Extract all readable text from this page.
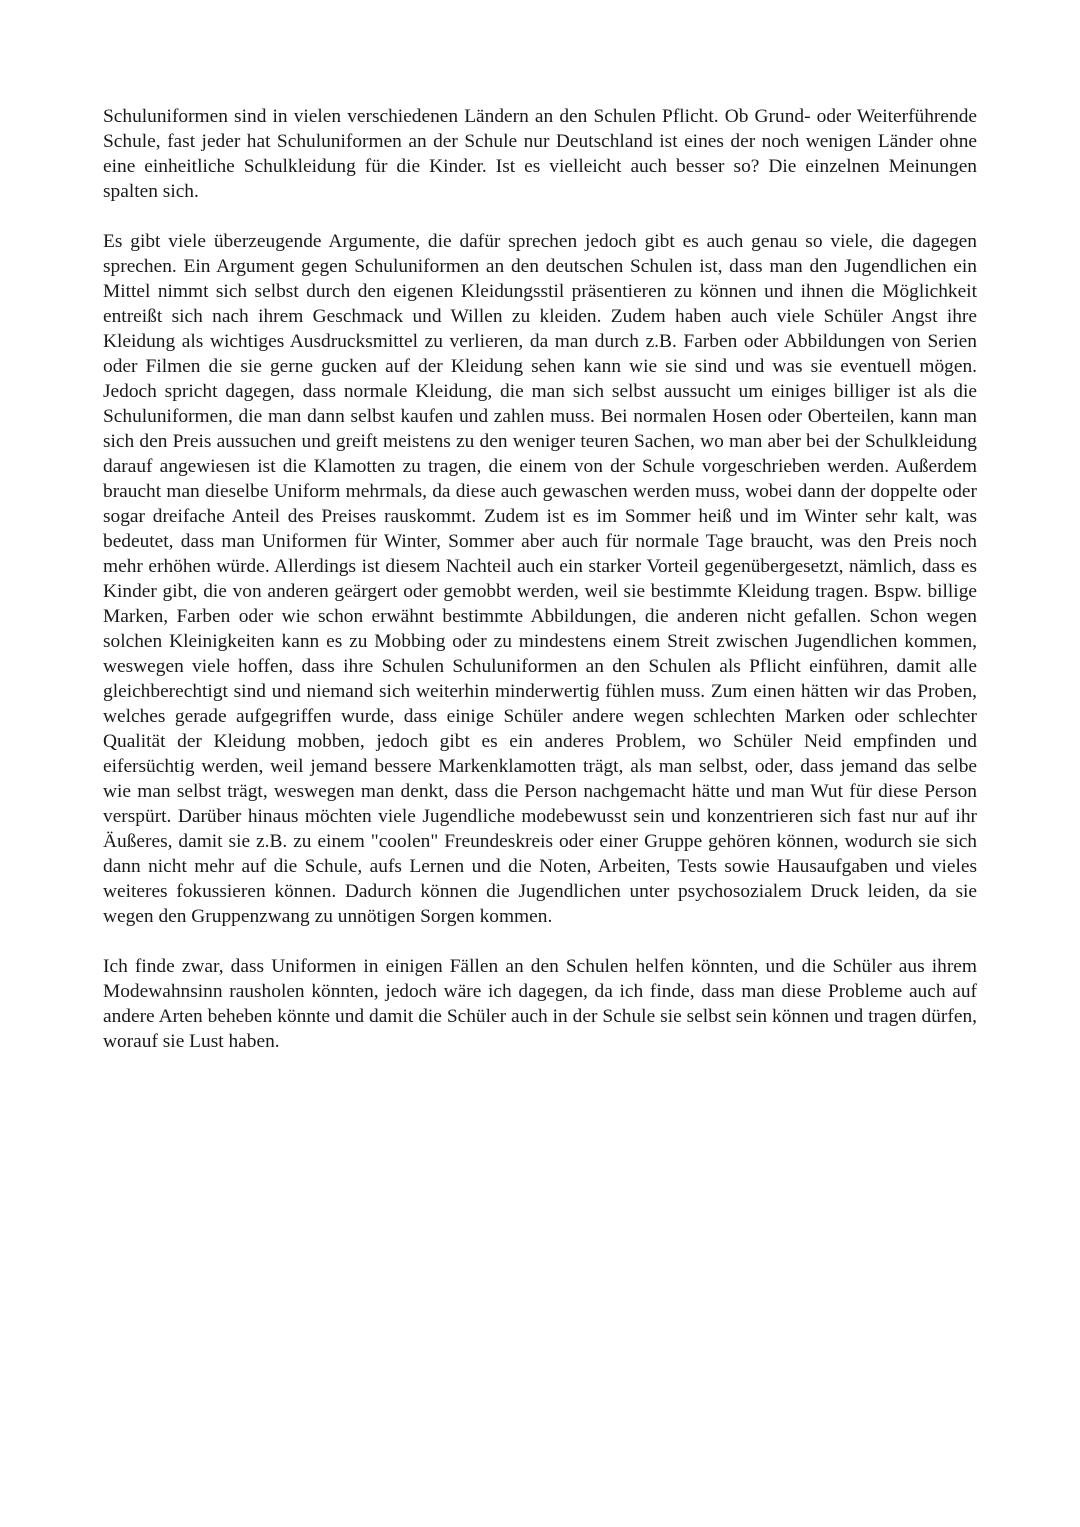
Schuluniformen sind in vielen verschiedenen Ländern an den Schulen Pflicht. Ob Grund- oder Weiterführende Schule, fast jeder hat Schuluniformen an der Schule nur Deutschland ist eines der noch wenigen Länder ohne eine einheitliche Schulkleidung für die Kinder. Ist es vielleicht auch besser so? Die einzelnen Meinungen spalten sich.

Es gibt viele überzeugende Argumente, die dafür sprechen jedoch gibt es auch genau so viele, die dagegen sprechen. Ein Argument gegen Schuluniformen an den deutschen Schulen ist, dass man den Jugendlichen ein Mittel nimmt sich selbst durch den eigenen Kleidungsstil präsentieren zu können und ihnen die Möglichkeit entreißt sich nach ihrem Geschmack und Willen zu kleiden. Zudem haben auch viele Schüler Angst ihre Kleidung als wichtiges Ausdrucksmittel zu verlieren, da man durch z.B. Farben oder Abbildungen von Serien oder Filmen die sie gerne gucken auf der Kleidung sehen kann wie sie sind und was sie eventuell mögen. Jedoch spricht dagegen, dass normale Kleidung, die man sich selbst aussucht um einiges billiger ist als die Schuluniformen, die man dann selbst kaufen und zahlen muss. Bei normalen Hosen oder Oberteilen, kann man sich den Preis aussuchen und greift meistens zu den weniger teuren Sachen, wo man aber bei der Schulkleidung darauf angewiesen ist die Klamotten zu tragen, die einem von der Schule vorgeschrieben werden. Außerdem braucht man dieselbe Uniform mehrmals, da diese auch gewaschen werden muss, wobei dann der doppelte oder sogar dreifache Anteil des Preises rauskommt. Zudem ist es im Sommer heiß und im Winter sehr kalt, was bedeutet, dass man Uniformen für Winter, Sommer aber auch für normale Tage braucht, was den Preis noch mehr erhöhen würde. Allerdings ist diesem Nachteil auch ein starker Vorteil gegenübergesetzt, nämlich, dass es Kinder gibt, die von anderen geärgert oder gemobbt werden, weil sie bestimmte Kleidung tragen. Bspw. billige Marken, Farben oder wie schon erwähnt bestimmte Abbildungen, die anderen nicht gefallen. Schon wegen solchen Kleinigkeiten kann es zu Mobbing oder zu mindestens einem Streit zwischen Jugendlichen kommen, weswegen viele hoffen, dass ihre Schulen Schuluniformen an den Schulen als Pflicht einführen, damit alle gleichberechtigt sind und niemand sich weiterhin minderwertig fühlen muss. Zum einen hätten wir das Proben, welches gerade aufgegriffen wurde, dass einige Schüler andere wegen schlechten Marken oder schlechter Qualität der Kleidung mobben, jedoch gibt es ein anderes Problem, wo Schüler Neid empfinden und eifersüchtig werden, weil jemand bessere Markenklamotten trägt, als man selbst, oder, dass jemand das selbe wie man selbst trägt, weswegen man denkt, dass die Person nachgemacht hätte und man Wut für diese Person verspürt. Darüber hinaus möchten viele Jugendliche modebewusst sein und konzentrieren sich fast nur auf ihr Äußeres, damit sie z.B. zu einem "coolen" Freundeskreis oder einer Gruppe gehören können, wodurch sie sich dann nicht mehr auf die Schule, aufs Lernen und die Noten, Arbeiten, Tests sowie Hausaufgaben und vieles weiteres fokussieren können. Dadurch können die Jugendlichen unter psychosozialem Druck leiden, da sie wegen den Gruppenzwang zu unnötigen Sorgen kommen.

Ich finde zwar, dass Uniformen in einigen Fällen an den Schulen helfen könnten, und die Schüler aus ihrem Modewahnsinn rausholen könnten, jedoch wäre ich dagegen, da ich finde, dass man diese Probleme auch auf andere Arten beheben könnte und damit die Schüler auch in der Schule sie selbst sein können und tragen dürfen, worauf sie Lust haben.
